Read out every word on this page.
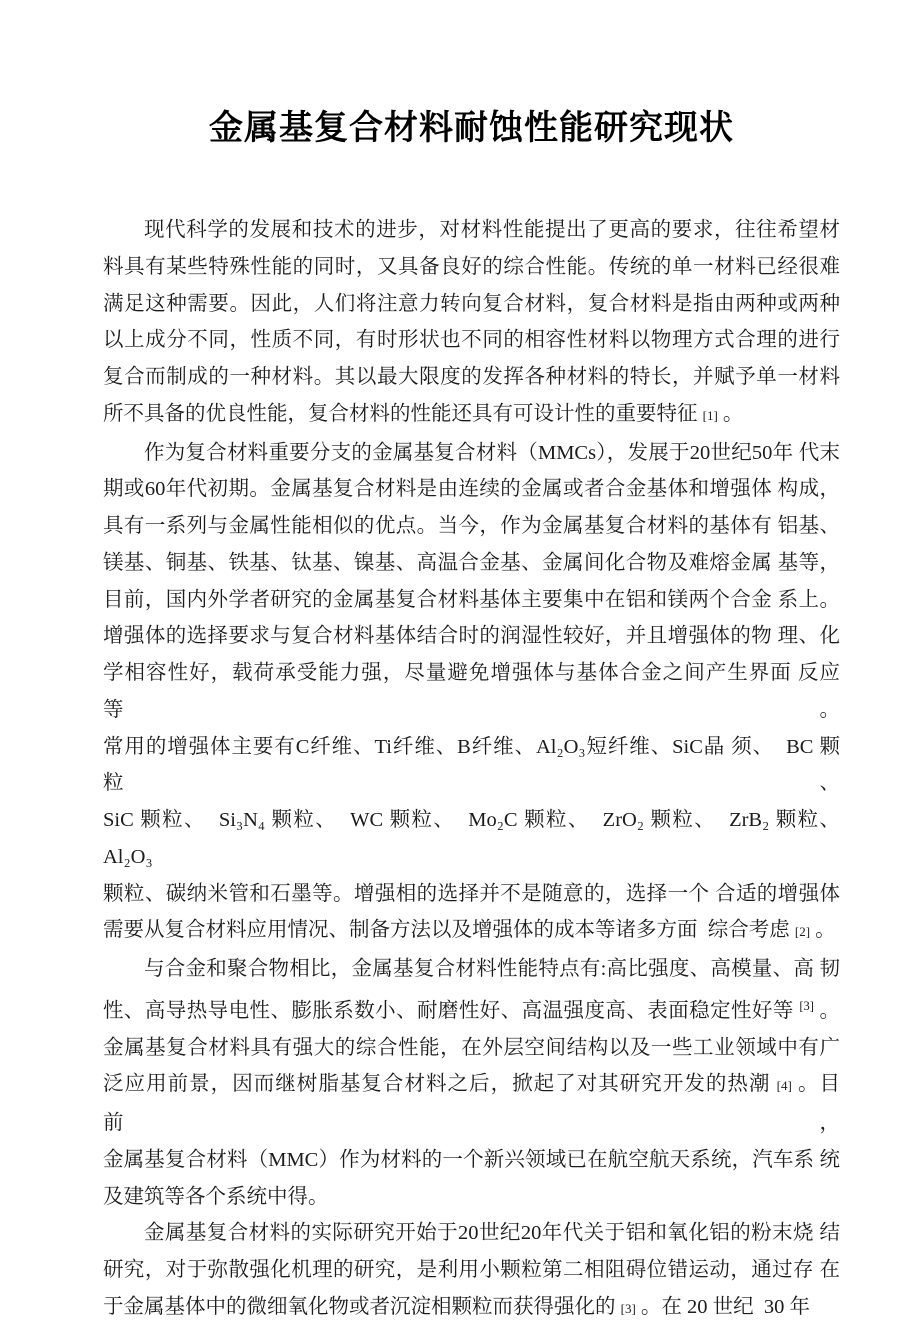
金属基复合材料耐蚀性能研究现状
现代科学的发展和技术的进步，对材料性能提出了更高的要求，往往希望材
料具有某些特殊性能的同时，又具备良好的综合性能。传统的单一材料已经很难
满足这种需要。因此，人们将注意力转向复合材料，复合材料是指由两种或两种
以上成分不同，性质不同，有时形状也不同的相容性材料以物理方式合理的进行
复合而制成的一种材料。其以最大限度的发挥各种材料的特长，并赋予单一材料
所不具备的优良性能，复合材料的性能还具有可设计性的重要特征 [1] 。
作为复合材料重要分支的金属基复合材料（MMCs），发展于20世纪50年 代末
期或60年代初期。金属基复合材料是由连续的金属或者合金基体和增强体 构成，
具有一系列与金属性能相似的优点。当今，作为金属基复合材料的基体有 铝基、
镁基、铜基、铁基、钛基、镍基、高温合金基、金属间化合物及难熔金属 基等，
目前，国内外学者研究的金属基复合材料基体主要集中在铝和镁两个合金 系上。
增强体的选择要求与复合材料基体结合时的润湿性较好，并且增强体的物 理、化
学相容性好，载荷承受能力强，尽量避免增强体与基体合金之间产生界面 反应等。
常用的增强体主要有C纤维、Ti纤维、B纤维、Al₂O₃短纤维、SiC晶 须、  BC 颗粒、
SiC 颗粒、  Si₃N₄ 颗粒、  WC 颗粒、  Mo₂C 颗粒、  ZrO₂ 颗粒、  ZrB₂ 颗粒、Al₂O₃
颗粒、碳纳米管和石墨等。增强相的选择并不是随意的，选择一个 合适的增强体
需要从复合材料应用情况、制备方法以及增强体的成本等诸多方面  综合考虑 [2] 。
与合金和聚合物相比，金属基复合材料性能特点有:高比强度、高模量、高 韧
性、高导热导电性、膨胀系数小、耐磨性好、高温强度高、表面稳定性好等 [3] 。
金属基复合材料具有强大的综合性能，在外层空间结构以及一些工业领域中有广
泛应用前景，因而继树脂基复合材料之后，掀起了对其研究开发的热潮 [4] 。目前，
金属基复合材料（MMC）作为材料的一个新兴领域已在航空航天系统，汽车系 统
及建筑等各个系统中得。
金属基复合材料的实际研究开始于20世纪20年代关于铝和氧化铝的粉末烧 结
研究，对于弥散强化机理的研究，是利用小颗粒第二相阻碍位错运动，通过存 在
于金属基体中的微细氧化物或者沉淀相颗粒而获得强化的 [3] 。在 20 世纪  30 年
